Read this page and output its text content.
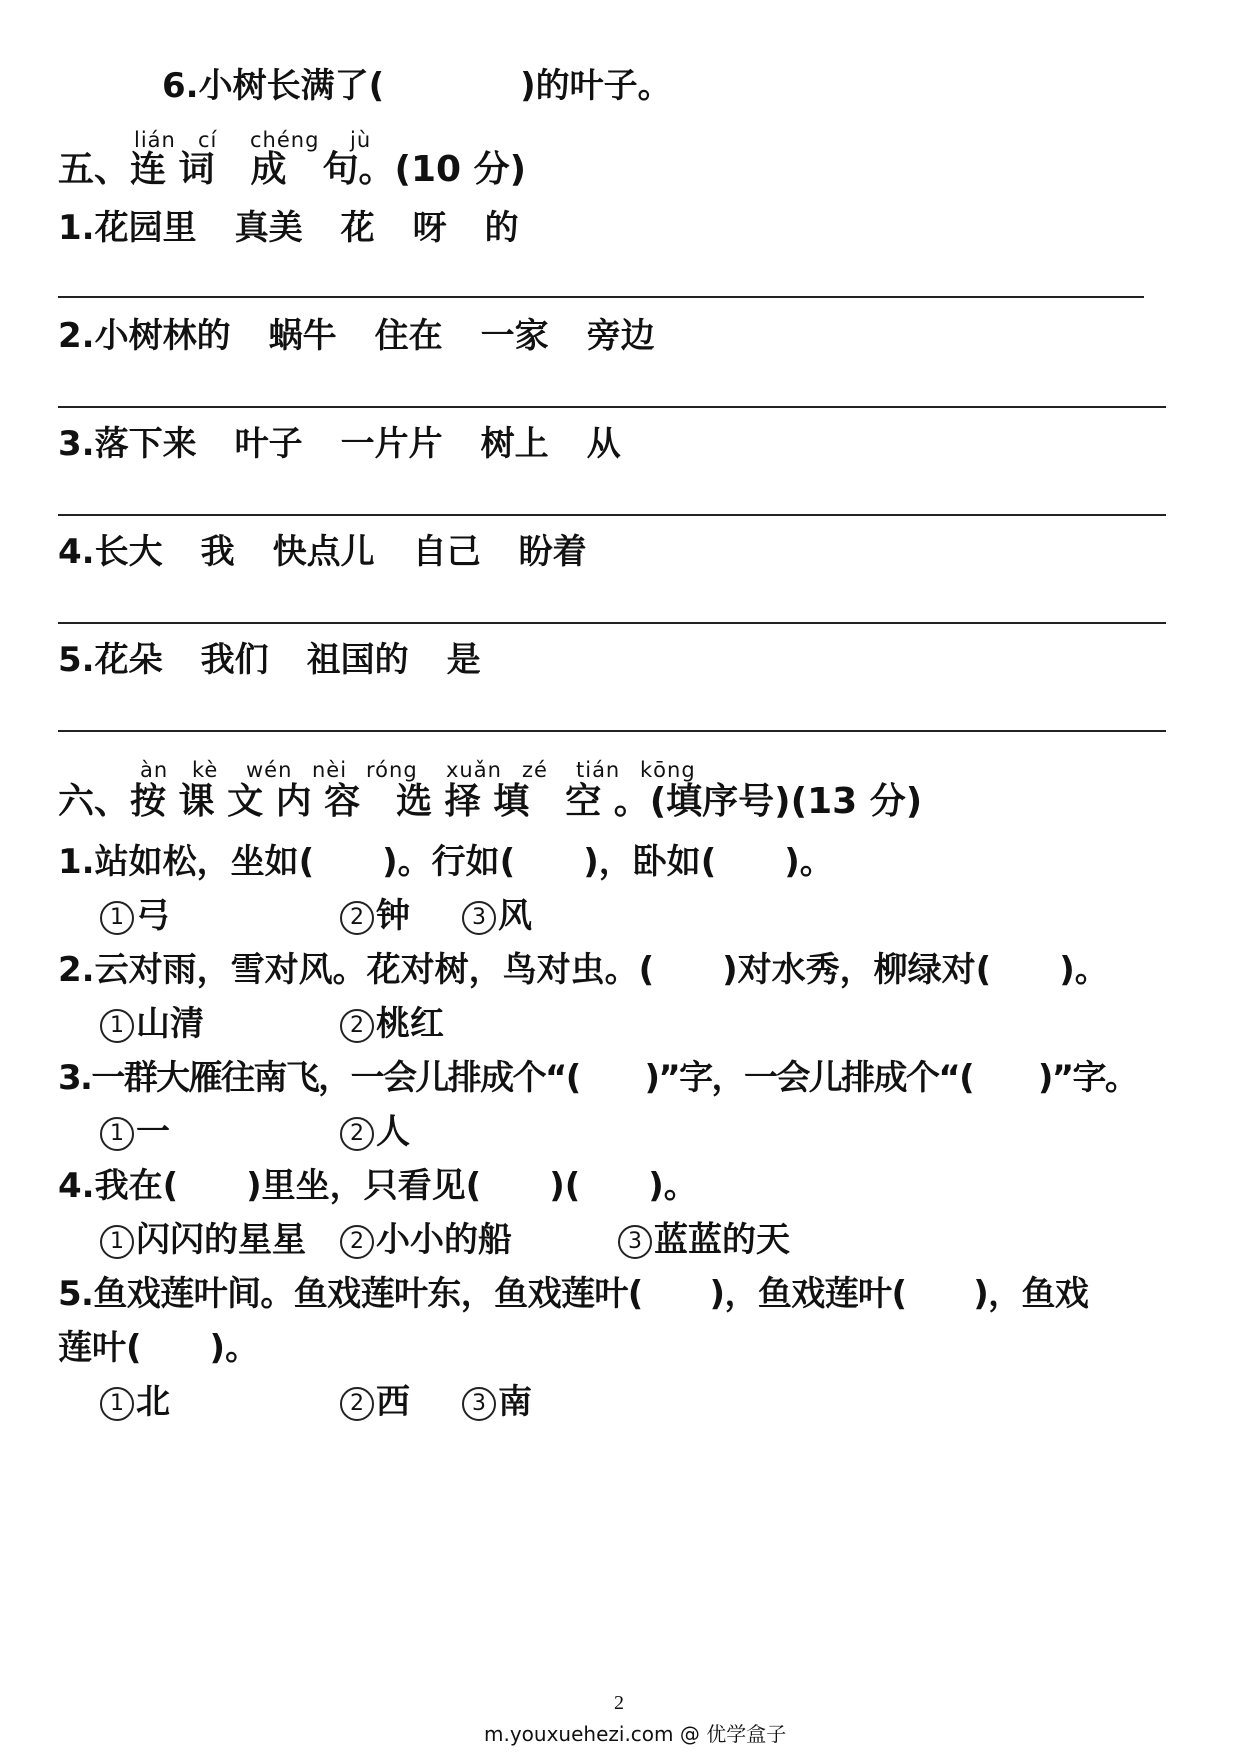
6.小树长满了(　　　　)的叶子。
lián cí chéng jù
五、连 词　成　句。(10 分)
1.花园里 真美 花 呀 的
2.小树林的 蜗牛 住在 一家 旁边
3.落下来 叶子 一片片 树上 从
4.长大 我 快点儿 自己 盼着
5.花朵 我们 祖国的 是
àn kè wén nèi róng xuǎn zé tián kōng
六、按 课 文 内 容　选 择 填　空 。(填序号)(13 分)
1.站如松，坐如(　　)。行如(　　)，卧如(　　)。
1 弓	2 钟	3 风
2.云对雨，雪对风。花对树，鸟对虫。(　　)对水秀，柳绿对(　　)。
1 山清	2 桃红
3.一群大雁往南飞，一会儿排成个“(　　)”字，一会儿排成个“(　　)”字。
1 一	2 人
4.我在(　　)里坐，只看见(　　)(　　)。
1 闪闪的星星 2 小小的船	3 蓝蓝的天
5.鱼戏莲叶间。鱼戏莲叶东，鱼戏莲叶(　　)，鱼戏莲叶(　　)，鱼戏
莲叶(　　)。
1 北	2 西	3 南
2
m.youxuehezi.com @ 优学盒子
